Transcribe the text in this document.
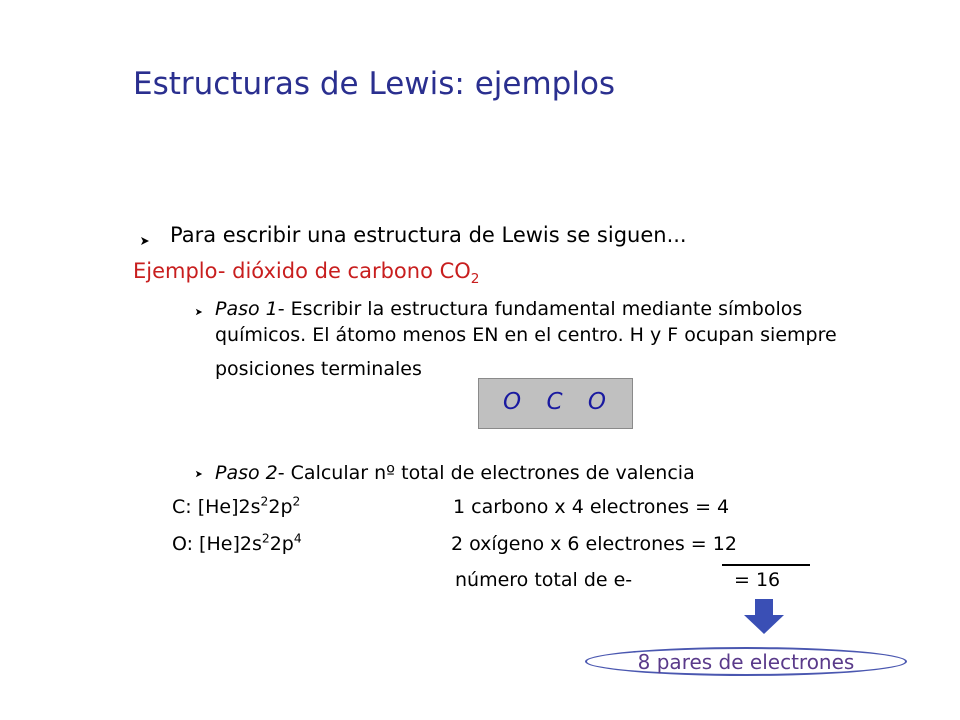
Estructuras de Lewis: ejemplos
Para escribir una estructura de Lewis se siguen...
Ejemplo- dióxido de carbono $CO_2$
Paso 1- Escribir la estructura fundamental mediante símbolos
químicos. El átomo menos EN en el centro. H y F ocupan siempre
posiciones terminales
O C O
Paso 2- Calcular nº total de electrones de valencia
C: $[He]2s^22p^2$
O: $[He]2s^22p^4$
1 carbono x 4 electrones = 4
2 oxígeno x 6 electrones = 12
número total de e-	= 16
8 pares de electrones
